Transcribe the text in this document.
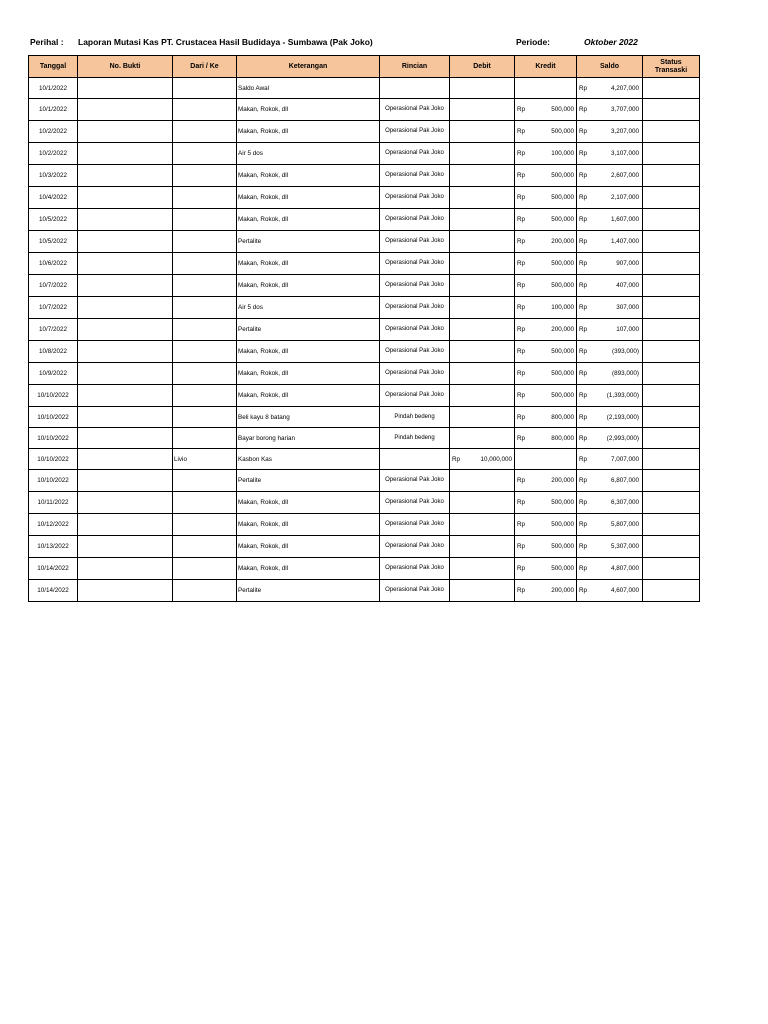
Perihal : Laporan Mutasi Kas PT. Crustacea Hasil Budidaya - Sumbawa (Pak Joko)	Periode:	Oktober 2022
Tanggal	No. Bukti	Dari / Ke	Keterangan	Rincian	Debit	Kredit	Saldo	Status
Transaski
10/1/2022			Saldo Awal				Rp 4,207,000	

10/1/2022			Makan, Rokok, dll	Operasional Pak Joko		Rp 500,000	Rp 3,707,000	

10/2/2022			Makan, Rokok, dll	Operasional Pak Joko		Rp 500,000	Rp 3,207,000	

10/2/2022			Air 5 dos	Operasional Pak Joko		Rp 100,000	Rp 3,107,000	

10/3/2022			Makan, Rokok, dll	Operasional Pak Joko		Rp 500,000	Rp 2,607,000	

10/4/2022			Makan, Rokok, dll	Operasional Pak Joko		Rp 500,000	Rp 2,107,000	

10/5/2022			Makan, Rokok, dll	Operasional Pak Joko		Rp 500,000	Rp 1,607,000	

10/5/2022			Pertalite	Operasional Pak Joko		Rp 200,000	Rp 1,407,000	

10/6/2022			Makan, Rokok, dll	Operasional Pak Joko		Rp 500,000	Rp 907,000	

10/7/2022			Makan, Rokok, dll	Operasional Pak Joko		Rp 500,000	Rp 407,000	

10/7/2022			Air 5 dos	Operasional Pak Joko		Rp 100,000	Rp 307,000	

10/7/2022			Pertalite	Operasional Pak Joko		Rp 200,000	Rp 107,000	

10/8/2022			Makan, Rokok, dll	Operasional Pak Joko		Rp 500,000	Rp (393,000)	

10/9/2022			Makan, Rokok, dll	Operasional Pak Joko		Rp 500,000	Rp (893,000)	

10/10/2022			Makan, Rokok, dll	Operasional Pak Joko		Rp 500,000	Rp (1,393,000)	

10/10/2022			Beli kayu 8 batang	Pindah bedeng		Rp 800,000	Rp (2,193,000)	

10/10/2022			Bayar borong harian	Pindah bedeng		Rp 800,000	Rp (2,993,000)	

10/10/2022		Livio	Kasbon Kas		Rp 10,000,000		Rp 7,007,000	

10/10/2022			Pertalite	Operasional Pak Joko		Rp 200,000	Rp 6,807,000	

10/11/2022			Makan, Rokok, dll	Operasional Pak Joko		Rp 500,000	Rp 6,307,000	

10/12/2022			Makan, Rokok, dll	Operasional Pak Joko		Rp 500,000	Rp 5,807,000	

10/13/2022			Makan, Rokok, dll	Operasional Pak Joko		Rp 500,000	Rp 5,307,000	

10/14/2022			Makan, Rokok, dll	Operasional Pak Joko		Rp 500,000	Rp 4,807,000	

10/14/2022			Pertalite	Operasional Pak Joko		Rp 200,000	Rp 4,607,000	
